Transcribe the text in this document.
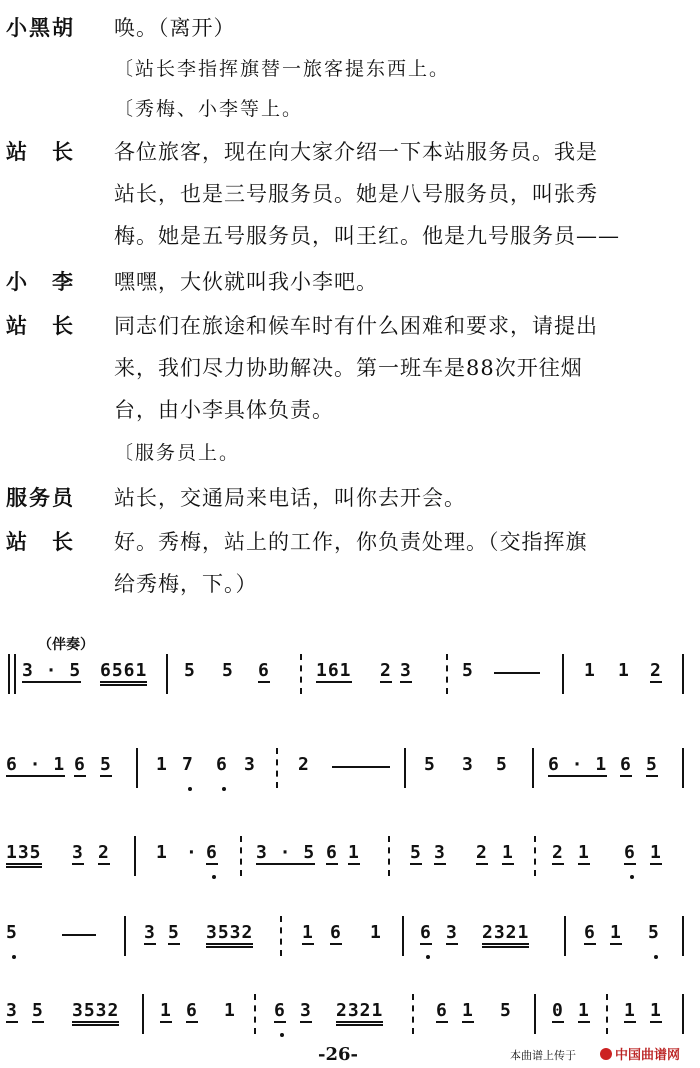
小黑胡	唤。（离开）
〔站长李指挥旗替一旅客提东西上。
〔秀梅、小李等上。
站　长	各位旅客，现在向大家介绍一下本站服务员。我是
站长，也是三号服务员。她是八号服务员，叫张秀
梅。她是五号服务员，叫王红。他是九号服务员——
小　李	嘿嘿，大伙就叫我小李吧。
站　长	同志们在旅途和候车时有什么困难和要求，请提出
来，我们尽力协助解决。第一班车是88次开往烟
台，由小李具体负责。
〔服务员上。
服务员	站长，交通局来电话，叫你去开会。
站　长	好。秀梅，站上的工作，你负责处理。（交指挥旗
给秀梅，下。）
（伴奏）
3 · 5 6561 5 5 6	161 2 3	5	1 1 2
6 · 1 6 5 1 7 6 3 2	5 3 5 6 · 1 6 5
135 3 2	1 · 6 3 · 5 6 1	5 3 2 1 2 1 6 1
5	3 5 3532	1 6 1 6 3 2321	6 1 5
3 5 3532 1 6 1 6 3 2321	6 1 5 0 1 1 1
-26-	本曲谱上传于	中国曲谱网
